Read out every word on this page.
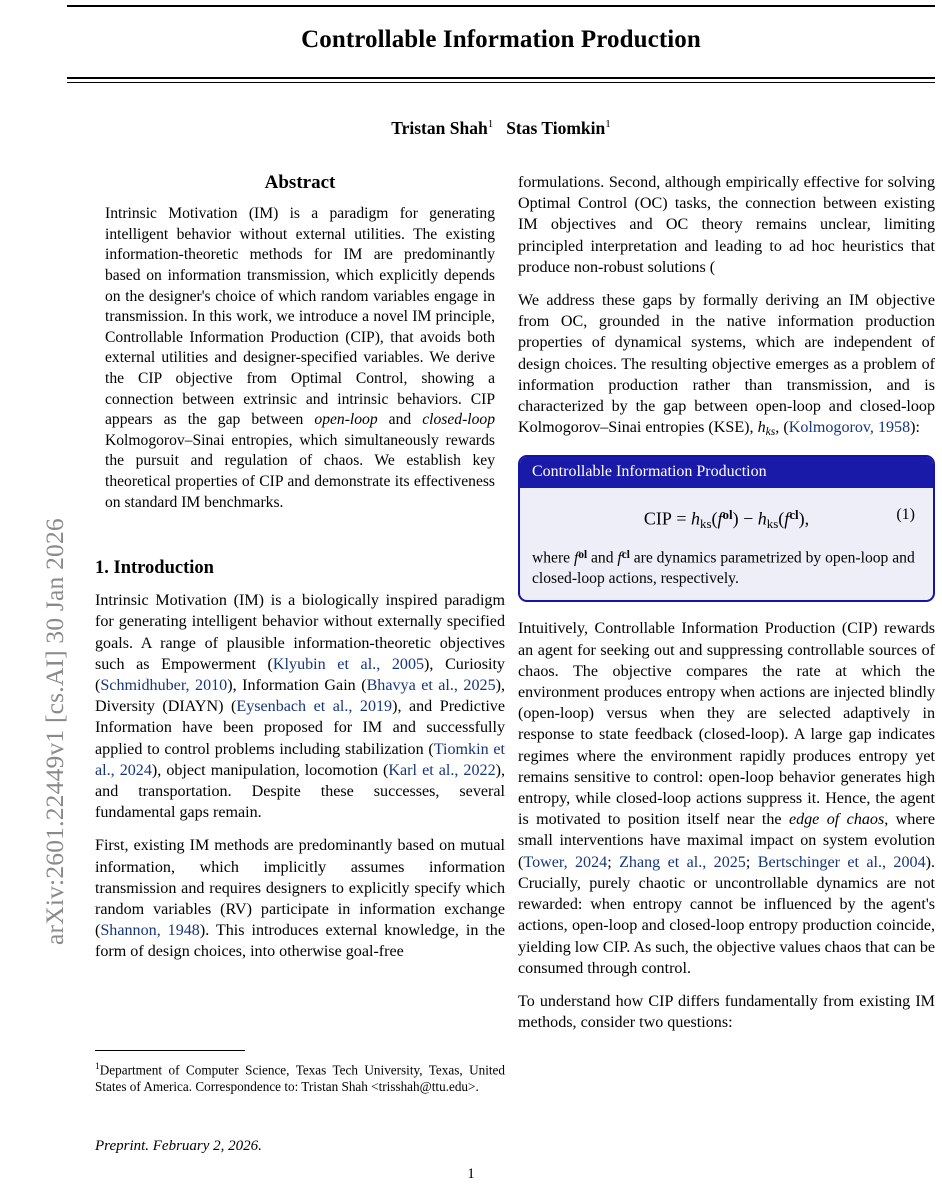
arXiv:2601.22449v1 [cs.AI] 30 Jan 2026
Controllable Information Production
Tristan Shah$^1$ Stas Tiomkin$^1$
Abstract
Intrinsic Motivation (IM) is a paradigm for generating intelligent behavior without external utilities. The existing information-theoretic methods for IM are predominantly based on information transmission, which explicitly depends on the designer's choice of which random variables engage in transmission. In this work, we introduce a novel IM principle, Controllable Information Production (CIP), that avoids both external utilities and designer-specified variables. We derive the CIP objective from Optimal Control, showing a connection between extrinsic and intrinsic behaviors. CIP appears as the gap between open-loop and closed-loop Kolmogorov–Sinai entropies, which simultaneously rewards the pursuit and regulation of chaos. We establish key theoretical properties of CIP and demonstrate its effectiveness on standard IM benchmarks.
1. Introduction

Intrinsic Motivation (IM) is a biologically inspired paradigm for generating intelligent behavior without externally specified goals. A range of plausible information-theoretic objectives such as Empowerment (Klyubin et al., 2005), Curiosity (Schmidhuber, 2010), Information Gain (Bhavya et al., 2025), Diversity (DIAYN) (Eysenbach et al., 2019), and Predictive Information have been proposed for IM and successfully applied to control problems including stabilization (Tiomkin et al., 2024), object manipulation, locomotion (Karl et al., 2022), and transportation. Despite these successes, several fundamental gaps remain.

First, existing IM methods are predominantly based on mutual information, which implicitly assumes information transmission and requires designers to explicitly specify which random variables (RV) participate in information exchange (Shannon, 1948). This introduces external knowledge, in the form of design choices, into otherwise goal-free

formulations. Second, although empirically effective for solving Optimal Control (OC) tasks, the connection between existing IM objectives and OC theory remains unclear, limiting principled interpretation and leading to ad hoc heuristics that produce non-robust solutions (

We address these gaps by formally deriving an IM objective from OC, grounded in the native information production properties of dynamical systems, which are independent of design choices. The resulting objective emerges as a problem of information production rather than transmission, and is characterized by the gap between open-loop and closed-loop Kolmogorov–Sinai entropies (KSE), $h_{ks}$, (Kolmogorov, 1958):

Controllable Information Production
CIP = $h_{ks}(f^{ol}) - h_{ks}(f^{cl})$,	(1)
where $f^{ol}$ and $f^{cl}$ are dynamics parametrized by open-loop and closed-loop actions, respectively.

Intuitively, Controllable Information Production (CIP) rewards an agent for seeking out and suppressing controllable sources of chaos. The objective compares the rate at which the environment produces entropy when actions are injected blindly (open-loop) versus when they are selected adaptively in response to state feedback (closed-loop). A large gap indicates regimes where the environment rapidly produces entropy yet remains sensitive to control: open-loop behavior generates high entropy, while closed-loop actions suppress it. Hence, the agent is motivated to position itself near the edge of chaos, where small interventions have maximal impact on system evolution (Tower, 2024; Zhang et al., 2025; Bertschinger et al., 2004). Crucially, purely chaotic or uncontrollable dynamics are not rewarded: when entropy cannot be influenced by the agent's actions, open-loop and closed-loop entropy production coincide, yielding low CIP. As such, the objective values chaos that can be consumed through control.

To understand how CIP differs fundamentally from existing IM methods, consider two questions:

$^1$Department of Computer Science, Texas Tech University, Texas, United States of America. Correspondence to: Tristan Shah <trisshah@ttu.edu>.
Preprint. February 2, 2026.
1
